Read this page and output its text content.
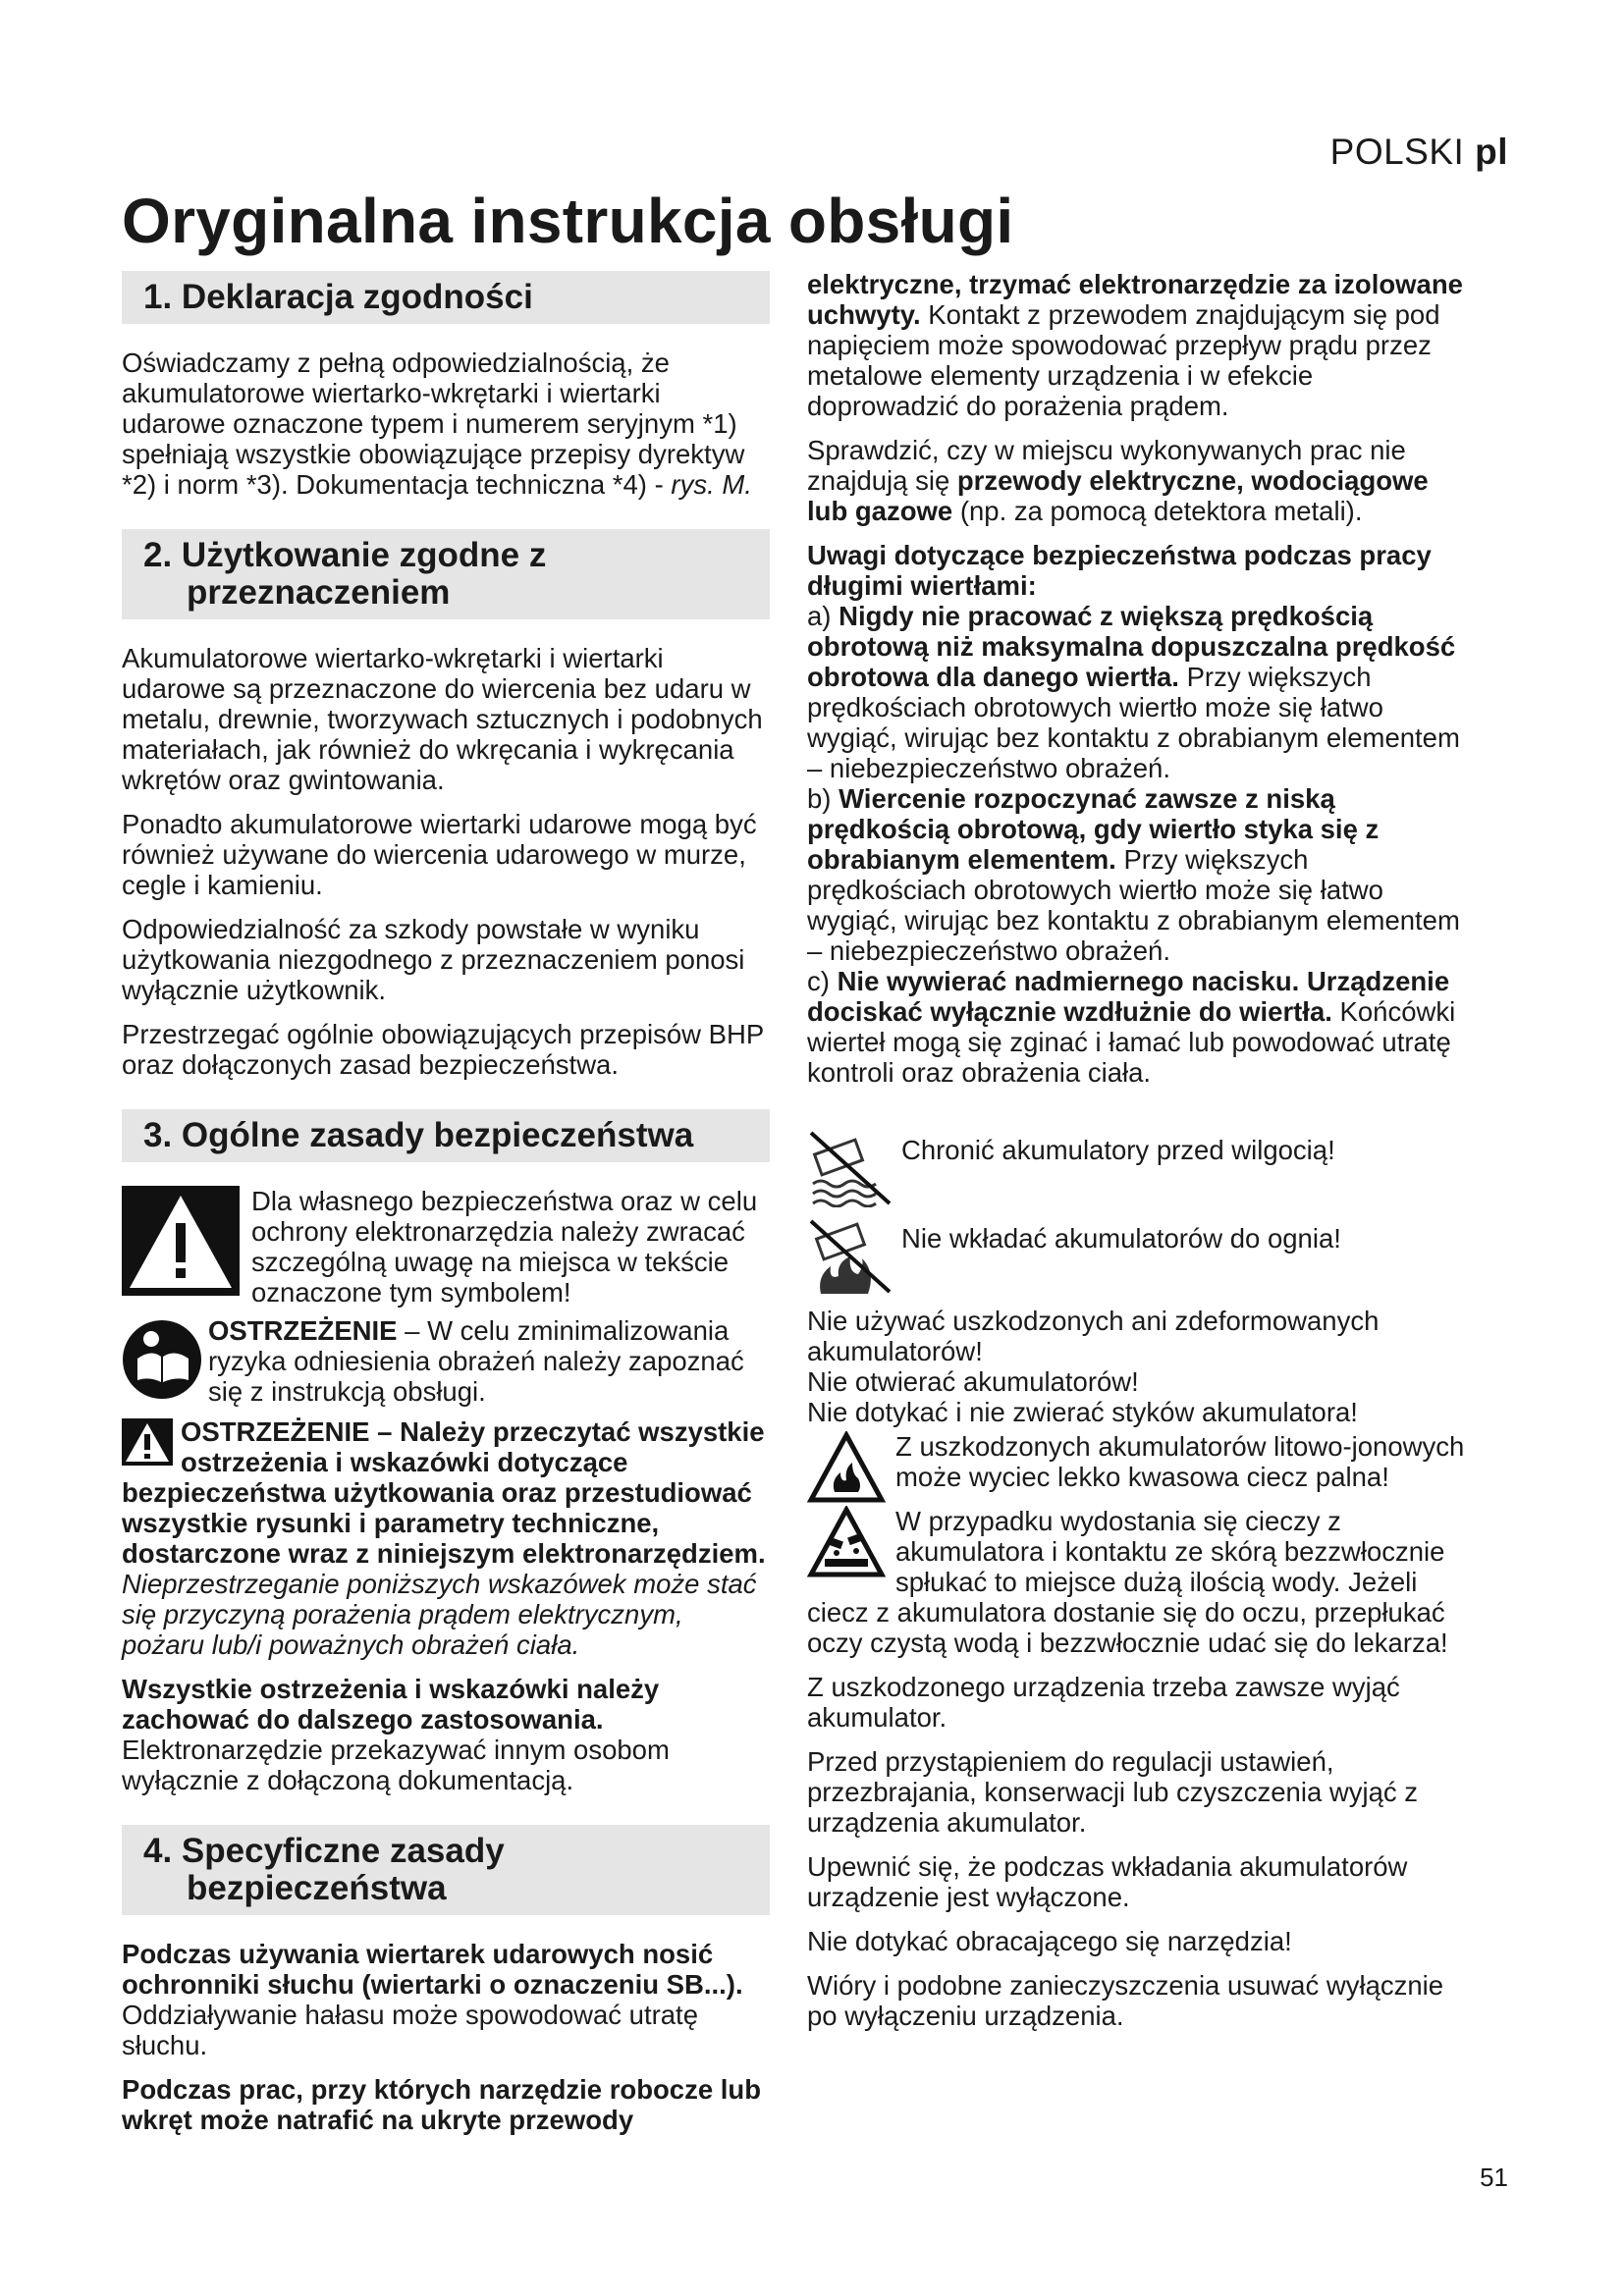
POLSKI pl
Oryginalna instrukcja obsługi
1. Deklaracja zgodności

Oświadczamy z pełną odpowiedzialnością, że akumulatorowe wiertarko-wkrętarki i wiertarki udarowe oznaczone typem i numerem seryjnym *1) spełniają wszystkie obowiązujące przepisy dyrektyw *2) i norm *3). Dokumentacja techniczna *4) - rys. M.

2. Użytkowanie zgodne z przeznaczeniem

Akumulatorowe wiertarko-wkrętarki i wiertarki udarowe są przeznaczone do wiercenia bez udaru w metalu, drewnie, tworzywach sztucznych i podobnych materiałach, jak również do wkręcania i wykręcania wkrętów oraz gwintowania.

Ponadto akumulatorowe wiertarki udarowe mogą być również używane do wiercenia udarowego w murze, cegle i kamieniu.

Odpowiedzialność za szkody powstałe w wyniku użytkowania niezgodnego z przeznaczeniem ponosi wyłącznie użytkownik.

Przestrzegać ogólnie obowiązujących przepisów BHP oraz dołączonych zasad bezpieczeństwa.

3. Ogólne zasady bezpieczeństwa
Dla własnego bezpieczeństwa oraz w celu ochrony elektronarzędzia należy zwracać szczególną uwagę na miejsca w tekście oznaczone tym symbolem!
OSTRZEŻENIE – W celu zminimalizowania ryzyka odniesienia obrażeń należy zapoznać się z instrukcją obsługi.

OSTRZEŻENIE – Należy przeczytać wszystkie ostrzeżenia i wskazówki dotyczące bezpieczeństwa użytkowania oraz przestudiować wszystkie rysunki i parametry techniczne, dostarczone wraz z niniejszym elektronarzędziem. Nieprzestrzeganie poniższych wskazówek może stać się przyczyną porażenia prądem elektrycznym, pożaru lub/i poważnych obrażeń ciała.

Wszystkie ostrzeżenia i wskazówki należy zachować do dalszego zastosowania. Elektronarzędzie przekazywać innym osobom wyłącznie z dołączoną dokumentacją.

4. Specyficzne zasady bezpieczeństwa

Podczas używania wiertarek udarowych nosić ochronniki słuchu (wiertarki o oznaczeniu SB...). Oddziaływanie hałasu może spowodować utratę słuchu.

Podczas prac, przy których narzędzie robocze lub wkręt może natrafić na ukryte przewody

elektryczne, trzymać elektronarzędzie za izolowane uchwyty. Kontakt z przewodem znajdującym się pod napięciem może spowodować przepływ prądu przez metalowe elementy urządzenia i w efekcie doprowadzić do porażenia prądem.

Sprawdzić, czy w miejscu wykonywanych prac nie znajdują się przewody elektryczne, wodociągowe lub gazowe (np. za pomocą detektora metali).

Uwagi dotyczące bezpieczeństwa podczas pracy długimi wiertłami:
a) Nigdy nie pracować z większą prędkością obrotową niż maksymalna dopuszczalna prędkość obrotowa dla danego wiertła. Przy większych prędkościach obrotowych wiertło może się łatwo wygiąć, wirując bez kontaktu z obrabianym elementem – niebezpieczeństwo obrażeń.
b) Wiercenie rozpoczynać zawsze z niską prędkością obrotową, gdy wiertło styka się z obrabianym elementem. Przy większych prędkościach obrotowych wiertło może się łatwo wygiąć, wirując bez kontaktu z obrabianym elementem – niebezpieczeństwo obrażeń.
c) Nie wywierać nadmiernego nacisku. Urządzenie dociskać wyłącznie wzdłużnie do wiertła. Końcówki wierteł mogą się zginać i łamać lub powodować utratę kontroli oraz obrażenia ciała.

Chronić akumulatory przed wilgocią!
Nie wkładać akumulatorów do ognia!

Nie używać uszkodzonych ani zdeformowanych akumulatorów!
Nie otwierać akumulatorów!
Nie dotykać i nie zwierać styków akumulatora!

Z uszkodzonych akumulatorów litowo-jonowych może wyciec lekko kwasowa ciecz palna!

W przypadku wydostania się cieczy z akumulatora i kontaktu ze skórą bezzwłocznie spłukać to miejsce dużą ilością wody. Jeżeli ciecz z akumulatora dostanie się do oczu, przepłukać oczy czystą wodą i bezzwłocznie udać się do lekarza!

Z uszkodzonego urządzenia trzeba zawsze wyjąć akumulator.

Przed przystąpieniem do regulacji ustawień, przezbrajania, konserwacji lub czyszczenia wyjąć z urządzenia akumulator.

Upewnić się, że podczas wkładania akumulatorów urządzenie jest wyłączone.

Nie dotykać obracającego się narzędzia!

Wióry i podobne zanieczyszczenia usuwać wyłącznie po wyłączeniu urządzenia.

51
